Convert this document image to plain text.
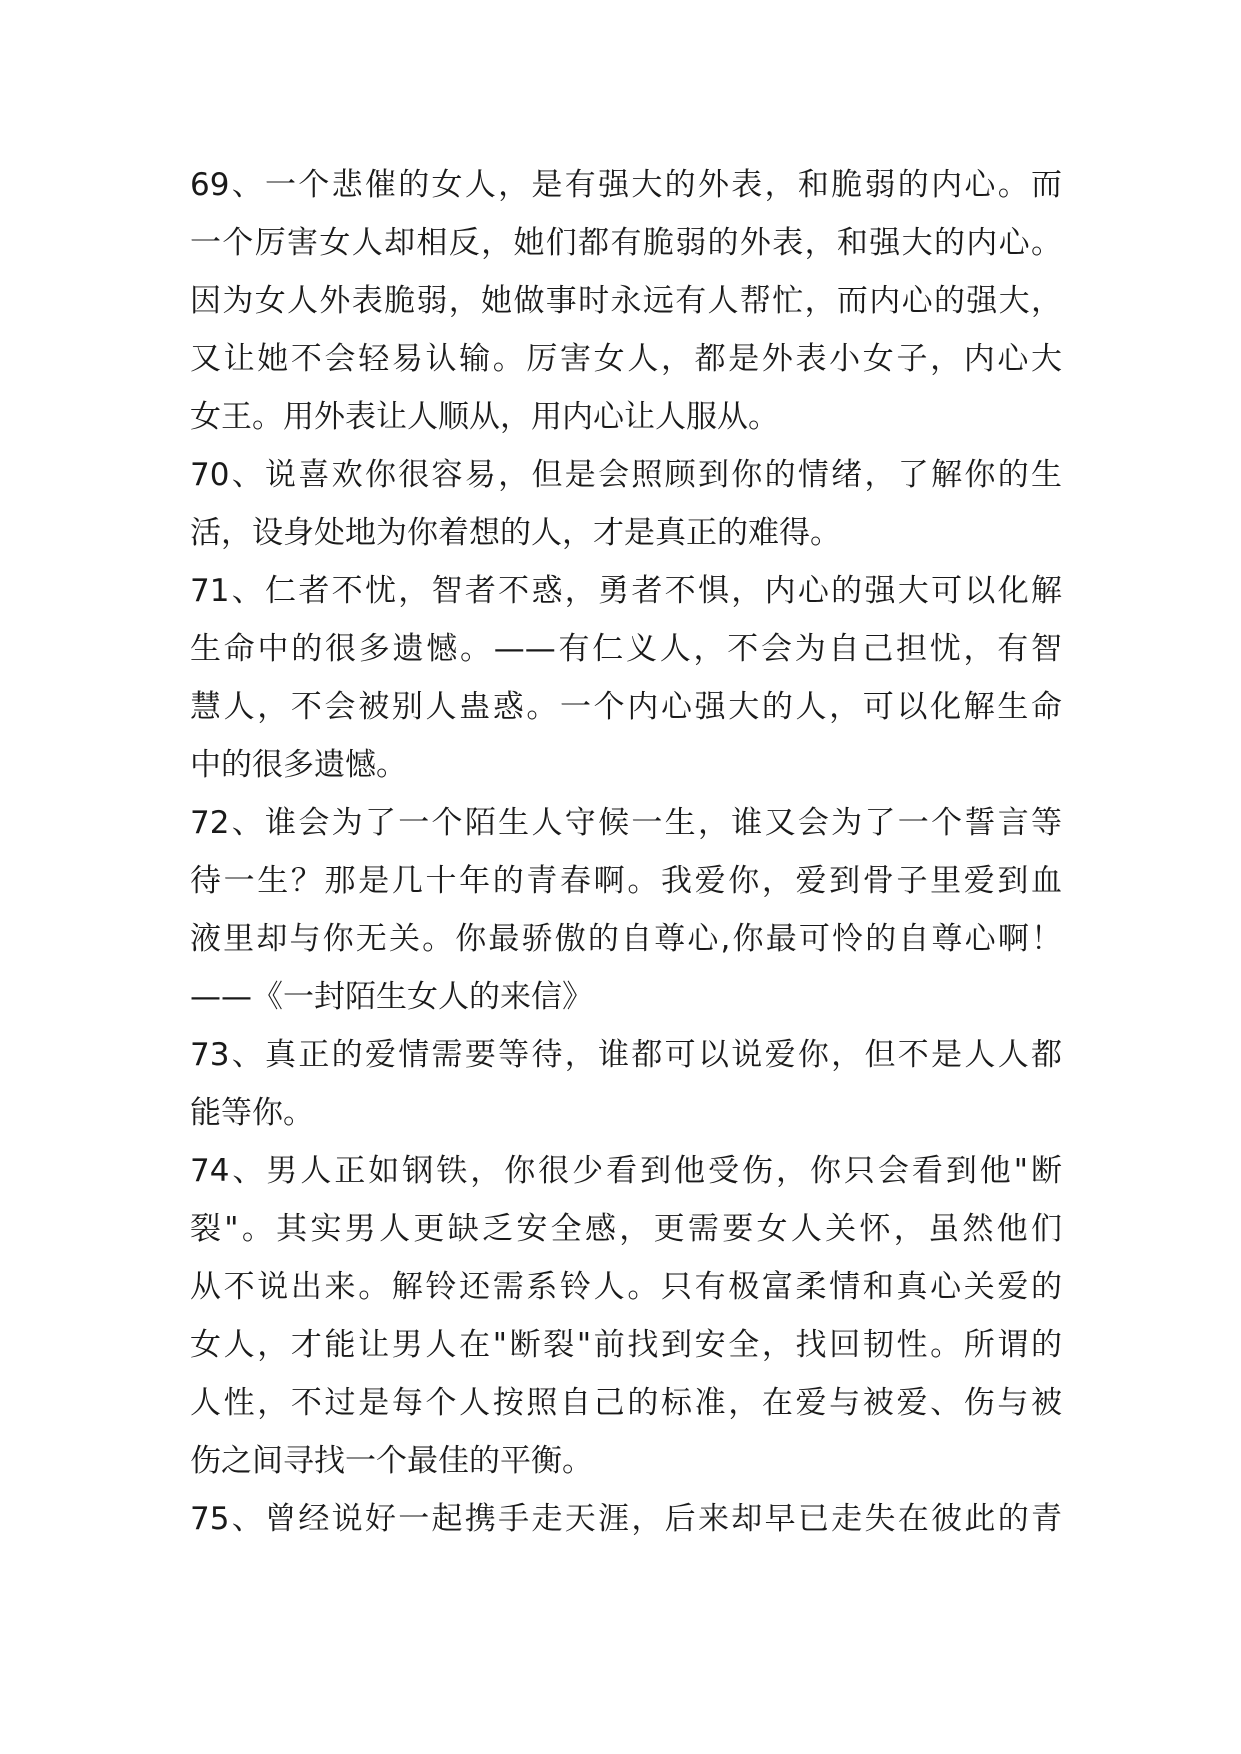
69、一个悲催的女人，是有强大的外表，和脆弱的内心。而
一个厉害女人却相反，她们都有脆弱的外表，和强大的内心。
因为女人外表脆弱，她做事时永远有人帮忙，而内心的强大，
又让她不会轻易认输。厉害女人，都是外表小女子，内心大
女王。用外表让人顺从，用内心让人服从。
70、说喜欢你很容易，但是会照顾到你的情绪，了解你的生
活，设身处地为你着想的人，才是真正的难得。
71、仁者不忧，智者不惑，勇者不惧，内心的强大可以化解
生命中的很多遗憾。——有仁义人，不会为自己担忧，有智
慧人，不会被别人蛊惑。一个内心强大的人，可以化解生命
中的很多遗憾。
72、谁会为了一个陌生人守候一生，谁又会为了一个誓言等
待一生？那是几十年的青春啊。我爱你，爱到骨子里爱到血
液里却与你无关。你最骄傲的自尊心,你最可怜的自尊心啊！
——《一封陌生女人的来信》
73、真正的爱情需要等待，谁都可以说爱你，但不是人人都
能等你。
74、男人正如钢铁，你很少看到他受伤，你只会看到他"断
裂"。其实男人更缺乏安全感，更需要女人关怀，虽然他们
从不说出来。解铃还需系铃人。只有极富柔情和真心关爱的
女人，才能让男人在"断裂"前找到安全，找回韧性。所谓的
人性，不过是每个人按照自己的标准，在爱与被爱、伤与被
伤之间寻找一个最佳的平衡。
75、曾经说好一起携手走天涯，后来却早已走失在彼此的青
